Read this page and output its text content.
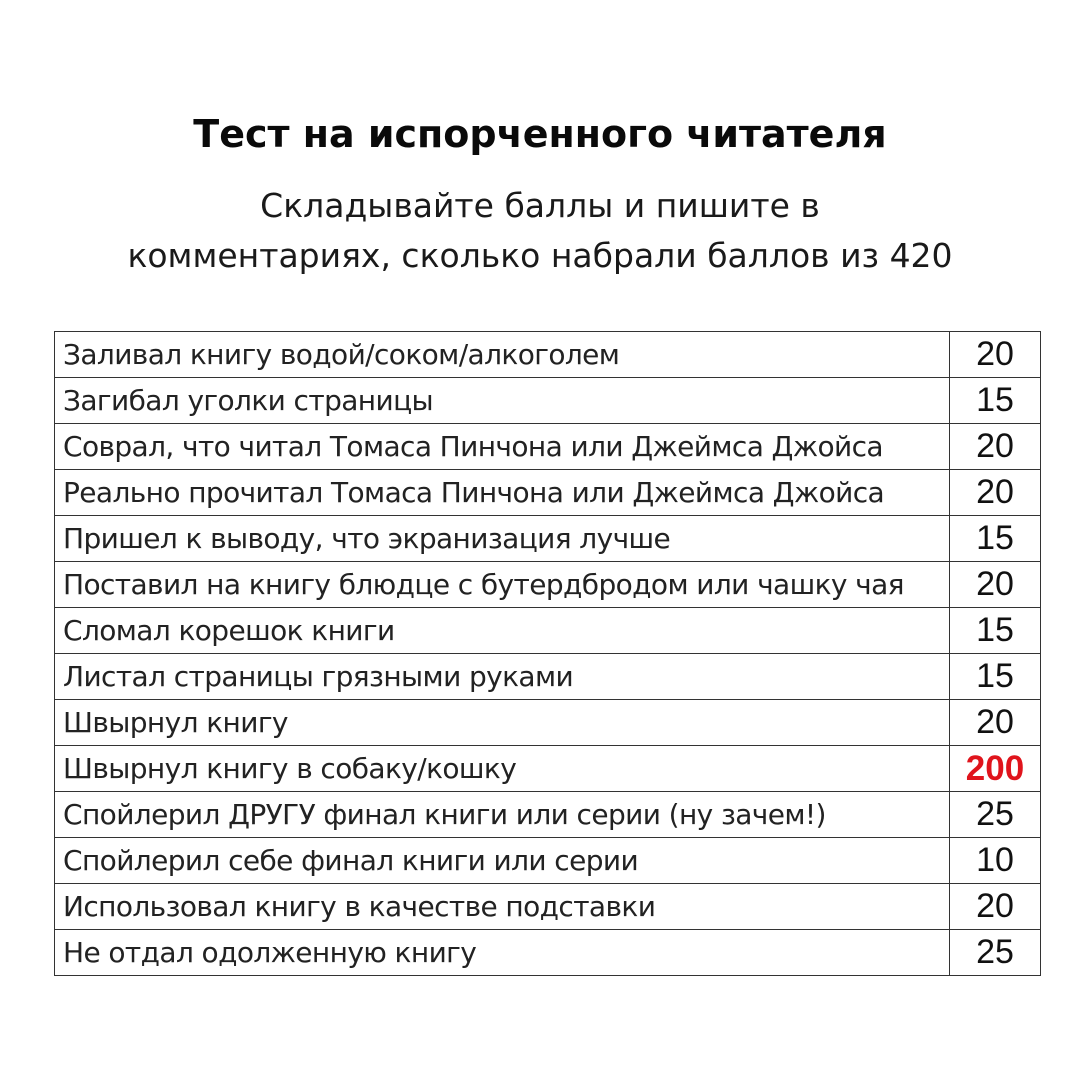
Тест на испорченного читателя
Складывайте баллы и пишите в
комментариях, сколько набрали баллов из 420
Заливал книгу водой/соком/алкоголем	20
Загибал уголки страницы	15
Соврал, что читал Томаса Пинчона или Джеймса Джойса	20
Реально прочитал Томаса Пинчона или Джеймса Джойса	20
Пришел к выводу, что экранизация лучше	15
Поставил на книгу блюдце с бутердбродом или чашку чая	20
Сломал корешок книги	15
Листал страницы грязными руками	15
Швырнул книгу	20
Швырнул книгу в собаку/кошку	200
Спойлерил ДРУГУ финал книги или серии (ну зачем!)	25
Спойлерил себе финал книги или серии	10
Использовал книгу в качестве подставки	20
Не отдал одолженную книгу	25
